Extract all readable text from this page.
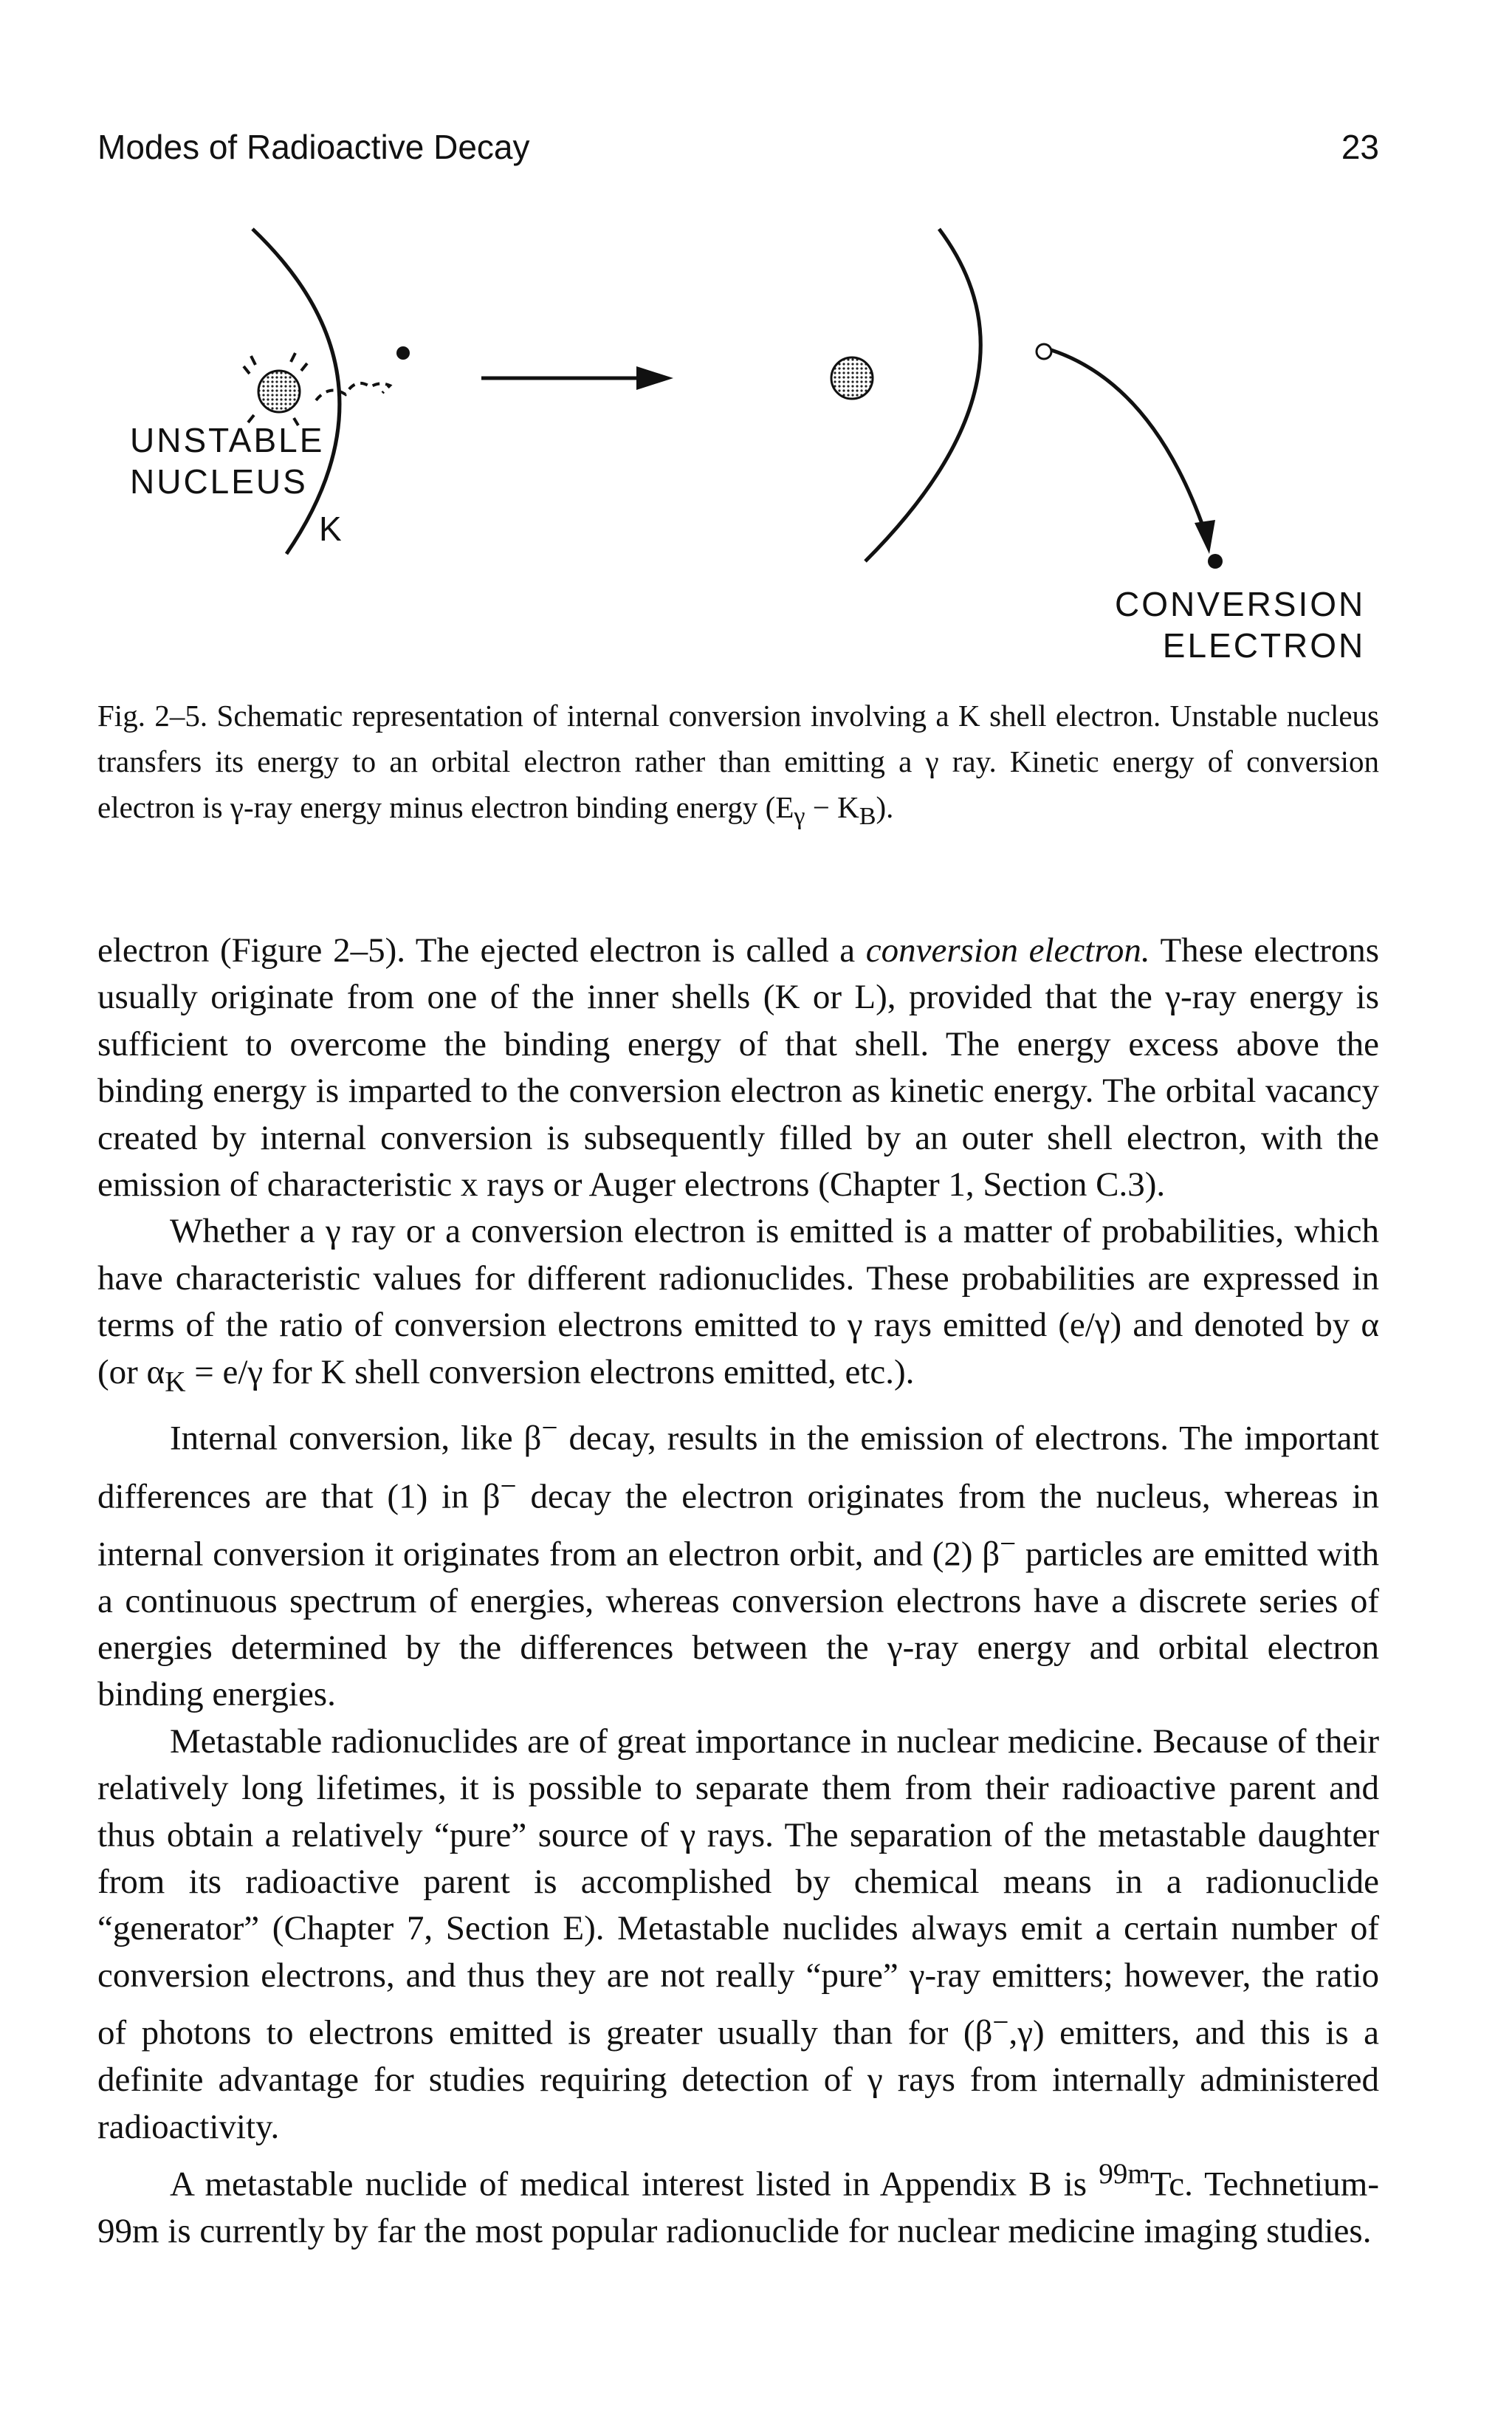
Modes of Radioactive Decay	23
UNSTABLE
NUCLEUS
K
CONVERSION
ELECTRON

Fig. 2–5. Schematic representation of internal conversion involving a K shell electron. Unstable nucleus transfers its energy to an orbital electron rather than emitting a γ ray. Kinetic energy of conversion electron is γ-ray energy minus electron binding energy $(E_\gamma - K_B)$.

electron (Figure 2–5). The ejected electron is called a conversion electron. These electrons usually originate from one of the inner shells (K or L), provided that the γ-ray energy is sufficient to overcome the binding energy of that shell. The energy excess above the binding energy is imparted to the conversion electron as kinetic energy. The orbital vacancy created by internal conversion is subsequently filled by an outer shell electron, with the emission of characteristic x rays or Auger electrons (Chapter 1, Section C.3).

Whether a γ ray or a conversion electron is emitted is a matter of probabilities, which have characteristic values for different radionuclides. These probabilities are expressed in terms of the ratio of conversion electrons emitted to γ rays emitted (e/γ) and denoted by α (or $\alpha_K = e/\gamma$ for K shell conversion electrons emitted, etc.).

Internal conversion, like β− decay, results in the emission of electrons. The important differences are that (1) in β− decay the electron originates from the nucleus, whereas in internal conversion it originates from an electron orbit, and (2) β− particles are emitted with a continuous spectrum of energies, whereas conversion electrons have a discrete series of energies determined by the differences between the γ-ray energy and orbital electron binding energies.

Metastable radionuclides are of great importance in nuclear medicine. Because of their relatively long lifetimes, it is possible to separate them from their radioactive parent and thus obtain a relatively “pure” source of γ rays. The separation of the metastable daughter from its radioactive parent is accomplished by chemical means in a radionuclide “generator” (Chapter 7, Section E). Metastable nuclides always emit a certain number of conversion electrons, and thus they are not really “pure” γ-ray emitters; however, the ratio of photons to electrons emitted is greater usually than for (β−,γ) emitters, and this is a definite advantage for studies requiring detection of γ rays from internally administered radioactivity.

A metastable nuclide of medical interest listed in Appendix B is $^{99m}$Tc. Technetium-99m is currently by far the most popular radionuclide for nuclear medicine imaging studies.
